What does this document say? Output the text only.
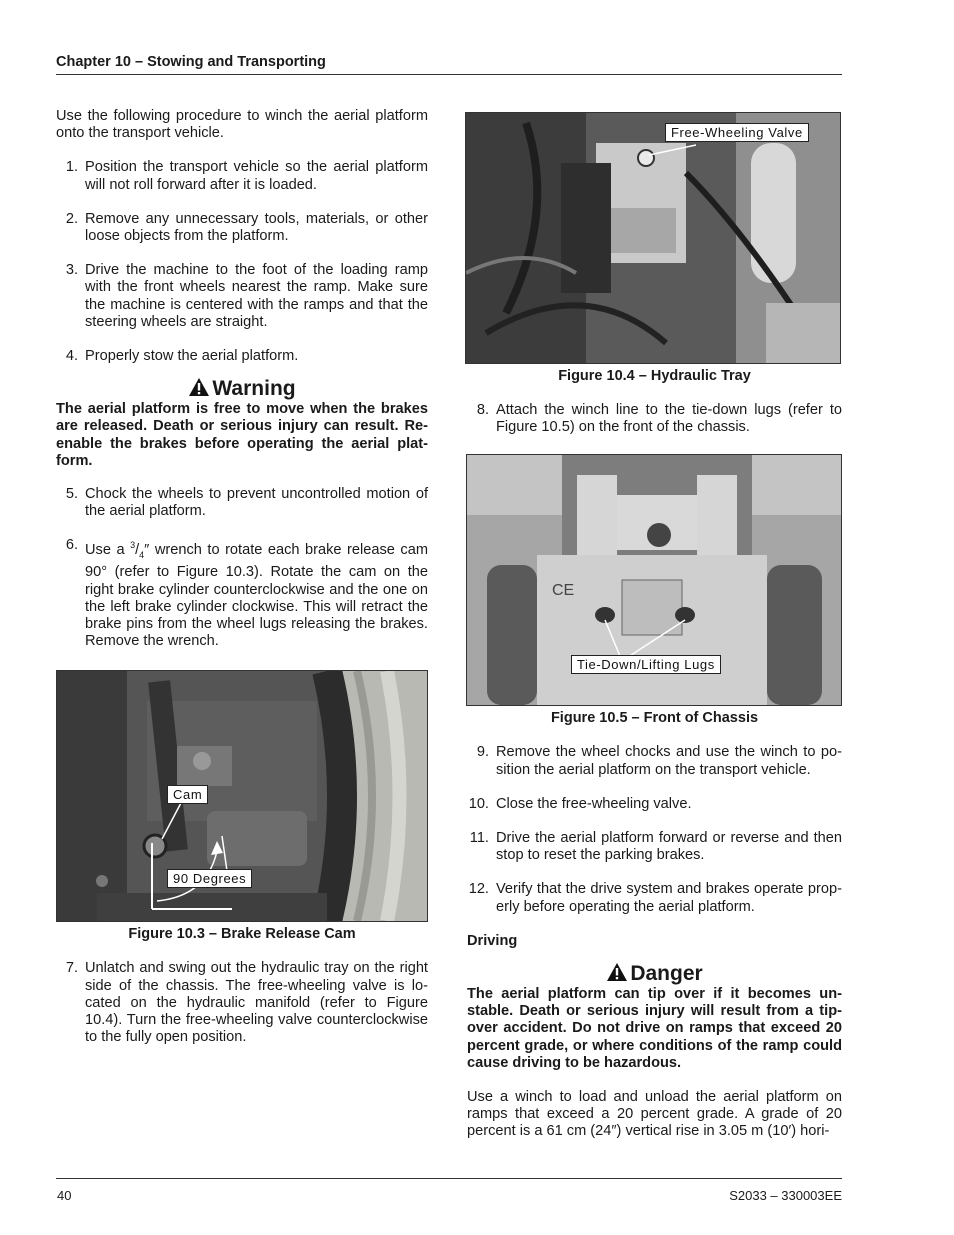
Chapter 10 – Stowing and Transporting

Use the following procedure to winch the aerial platform onto the transport vehicle.

1. Position the transport vehicle so the aerial platform will not roll forward after it is loaded.
2. Remove any unnecessary tools, materials, or other loose objects from the platform.
3. Drive the machine to the foot of the loading ramp with the front wheels nearest the ramp. Make sure the machine is centered with the ramps and that the steering wheels are straight.
4. Properly stow the aerial platform.
Warning

The aerial platform is free to move when the brakes are released. Death or serious injury can result. Re-enable the brakes before operating the aerial plat-form.

5. Chock the wheels to prevent uncontrolled motion of the aerial platform.
6. Use a $^3/_4''$ wrench to rotate each brake release cam 90° (refer to Figure 10.3). Rotate the cam on the right brake cylinder counterclockwise and the one on the left brake cylinder clockwise. This will retract the brake pins from the wheel lugs releasing the brakes. Remove the wrench.
Cam
90 Degrees
Figure 10.3 – Brake Release Cam
7. Unlatch and swing out the hydraulic tray on the right side of the chassis. The free-wheeling valve is lo-cated on the hydraulic manifold (refer to Figure 10.4). Turn the free-wheeling valve counterclockwise to the fully open position.
Free-Wheeling Valve
Figure 10.4 – Hydraulic Tray
8. Attach the winch line to the tie-down lugs (refer to Figure 10.5) on the front of the chassis.
CE
Tie-Down/Lifting Lugs
Figure 10.5 – Front of Chassis
9. Remove the wheel chocks and use the winch to po-sition the aerial platform on the transport vehicle.
10. Close the free-wheeling valve.
11. Drive the aerial platform forward or reverse and then stop to reset the parking brakes.
12. Verify that the drive system and brakes operate prop-erly before operating the aerial platform.
Driving
Danger

The aerial platform can tip over if it becomes un-stable. Death or serious injury will result from a tip-over accident. Do not drive on ramps that exceed 20 percent grade, or where conditions of the ramp could cause driving to be hazardous.

Use a winch to load and unload the aerial platform on ramps that exceed a 20 percent grade. A grade of 20 percent is a 61 cm (24″) vertical rise in 3.05 m (10′) hori-

40	S2033 – 330003EE
